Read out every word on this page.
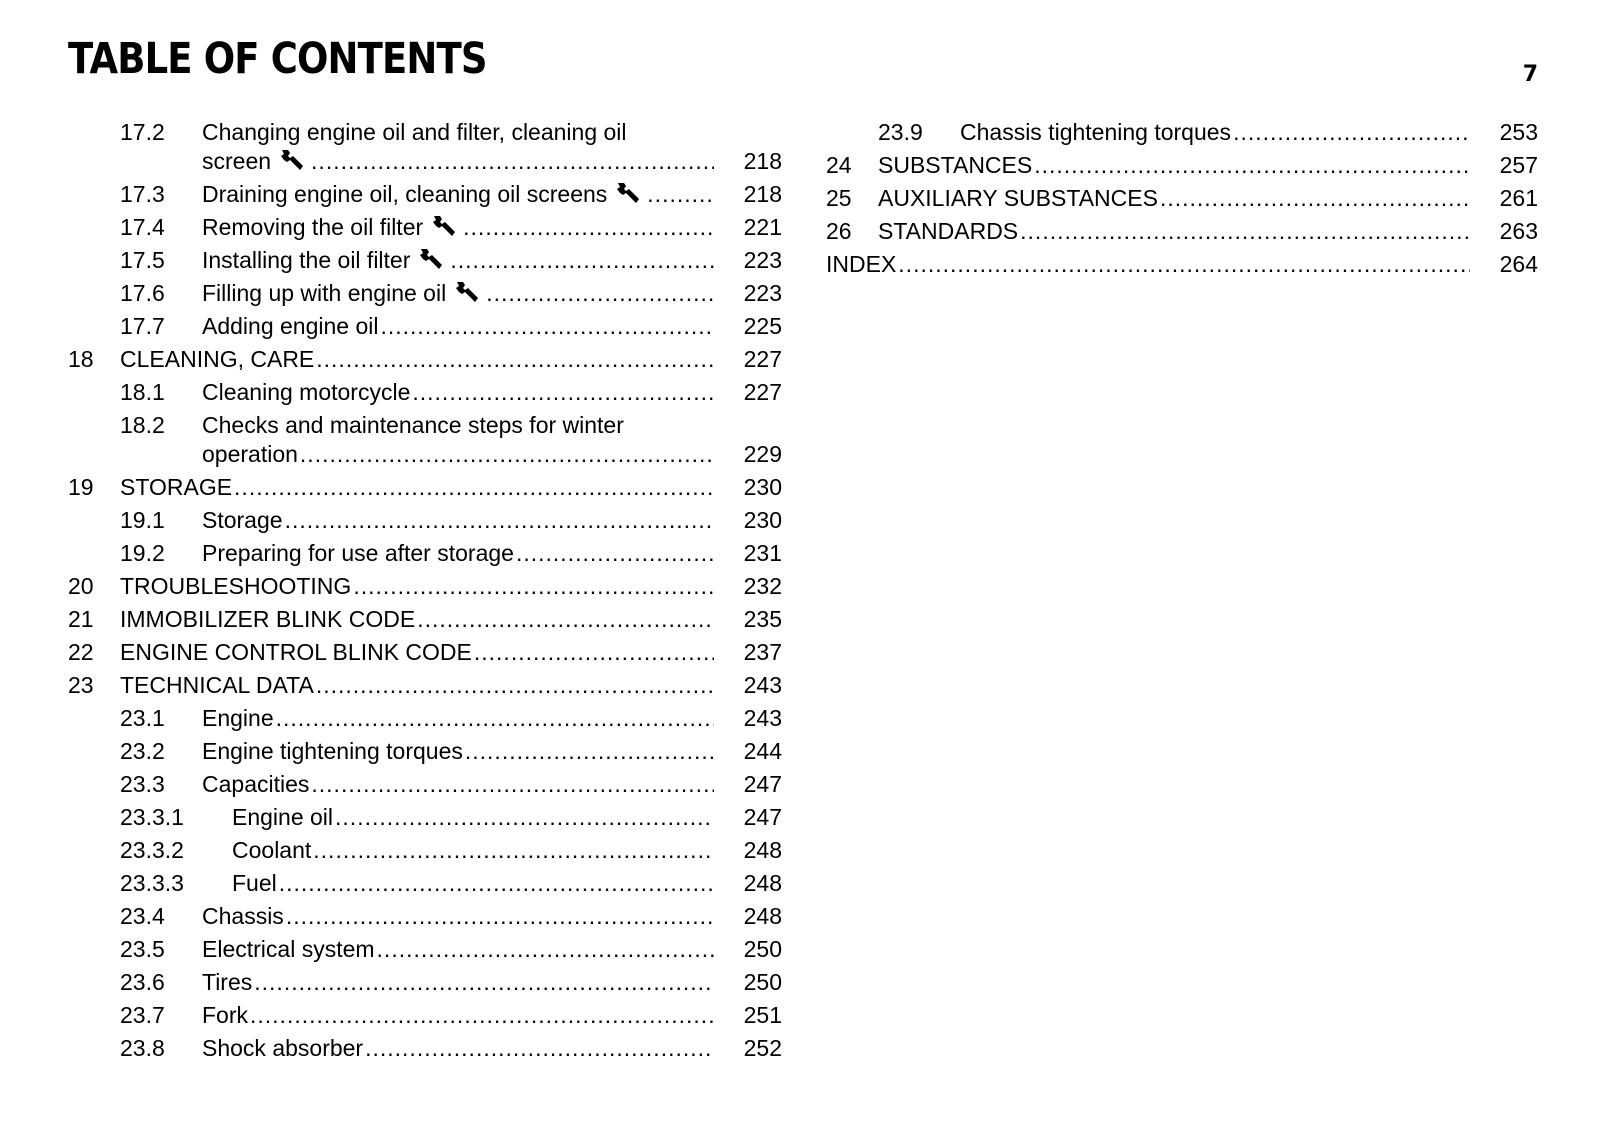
TABLE OF CONTENTS	7
17.2 Changing engine oil and filter, cleaning oil
screen .....	218
17.3 Draining engine oil, cleaning oil screens .....	218
17.4 Removing the oil filter .....	221
17.5 Installing the oil filter .....	223
17.6 Filling up with engine oil .....	223
17.7 Adding engine oil .....	225
18 CLEANING, CARE .....	227
18.1 Cleaning motorcycle .....	227
18.2 Checks and maintenance steps for winter
operation .....	229
19 STORAGE .....	230
19.1 Storage .....	230
19.2 Preparing for use after storage .....	231
20 TROUBLESHOOTING .....	232
21 IMMOBILIZER BLINK CODE .....	235
22 ENGINE CONTROL BLINK CODE .....	237
23 TECHNICAL DATA .....	243
23.1 Engine .....	243
23.2 Engine tightening torques .....	244
23.3 Capacities .....	247
23.3.1 Engine oil .....	247
23.3.2 Coolant .....	248
23.3.3 Fuel .....	248
23.4 Chassis .....	248
23.5 Electrical system .....	250
23.6 Tires .....	250
23.7 Fork .....	251
23.8 Shock absorber .....	252
23.9 Chassis tightening torques .....	253
24 SUBSTANCES .....	257
25 AUXILIARY SUBSTANCES .....	261
26 STANDARDS .....	263
INDEX .....	264
